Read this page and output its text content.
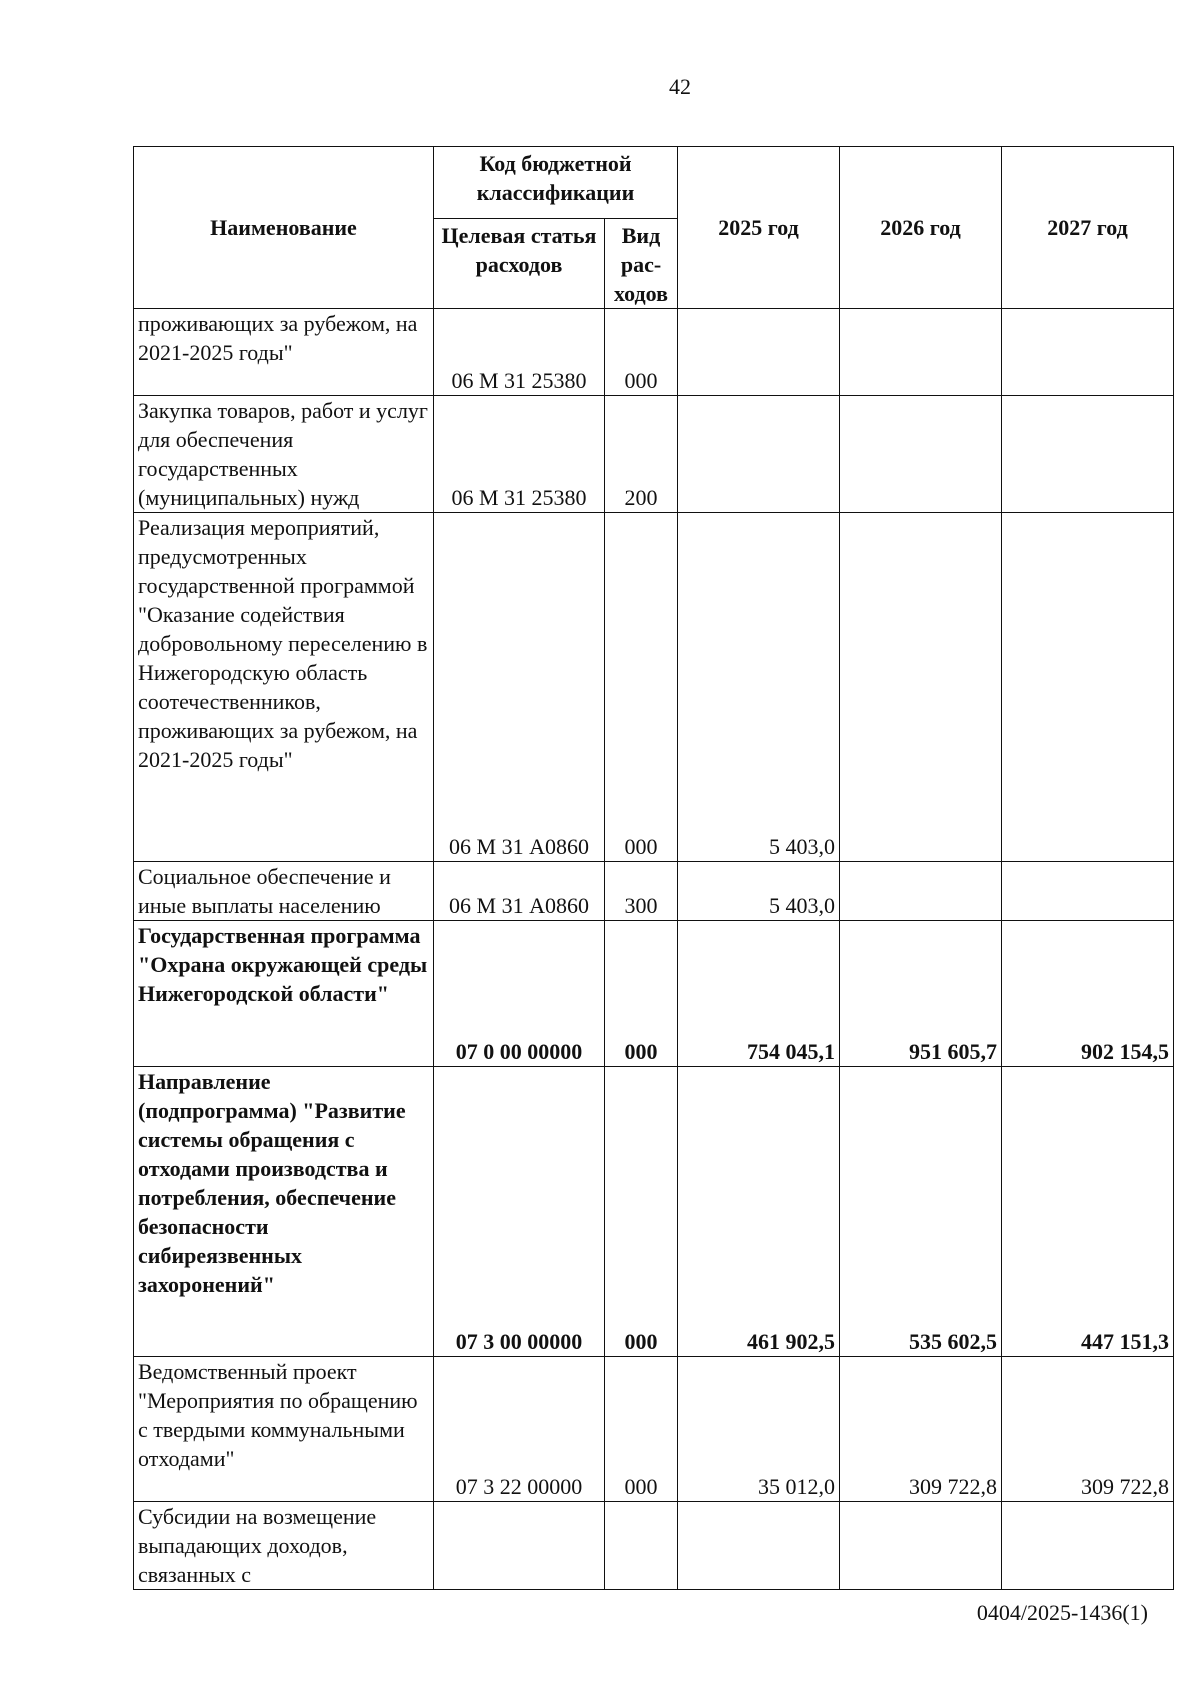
42
Наименование	Код бюджетной классификации		2025 год	2026 год	2027 год
	Целевая статья расходов	Вид рас-ходов			
проживающих за рубежом, на 2021-2025 годы"	06 М 31 25380	000			
Закупка товаров, работ и услуг для обеспечения государственных (муниципальных) нужд	06 М 31 25380	200			
Реализация мероприятий, предусмотренных государственной программой "Оказание содействия добровольному переселению в Нижегородскую область соотечественников, проживающих за рубежом, на 2021-2025 годы"	06 М 31 А0860	000	5 403,0		
Социальное обеспечение и иные выплаты населению	06 М 31 А0860	300	5 403,0		
Государственная программа "Охрана окружающей среды Нижегородской области"	07 0 00 00000	000	754 045,1	951 605,7	902 154,5
Направление (подпрограмма) "Развитие системы обращения с отходами производства и потребления, обеспечение безопасности сибиреязвенных захоронений"	07 3 00 00000	000	461 902,5	535 602,5	447 151,3
Ведомственный проект "Мероприятия по обращению с твердыми коммунальными отходами"	07 3 22 00000	000	35 012,0	309 722,8	309 722,8
Субсидии на возмещение выпадающих доходов, связанных с					
0404/2025-1436(1)
